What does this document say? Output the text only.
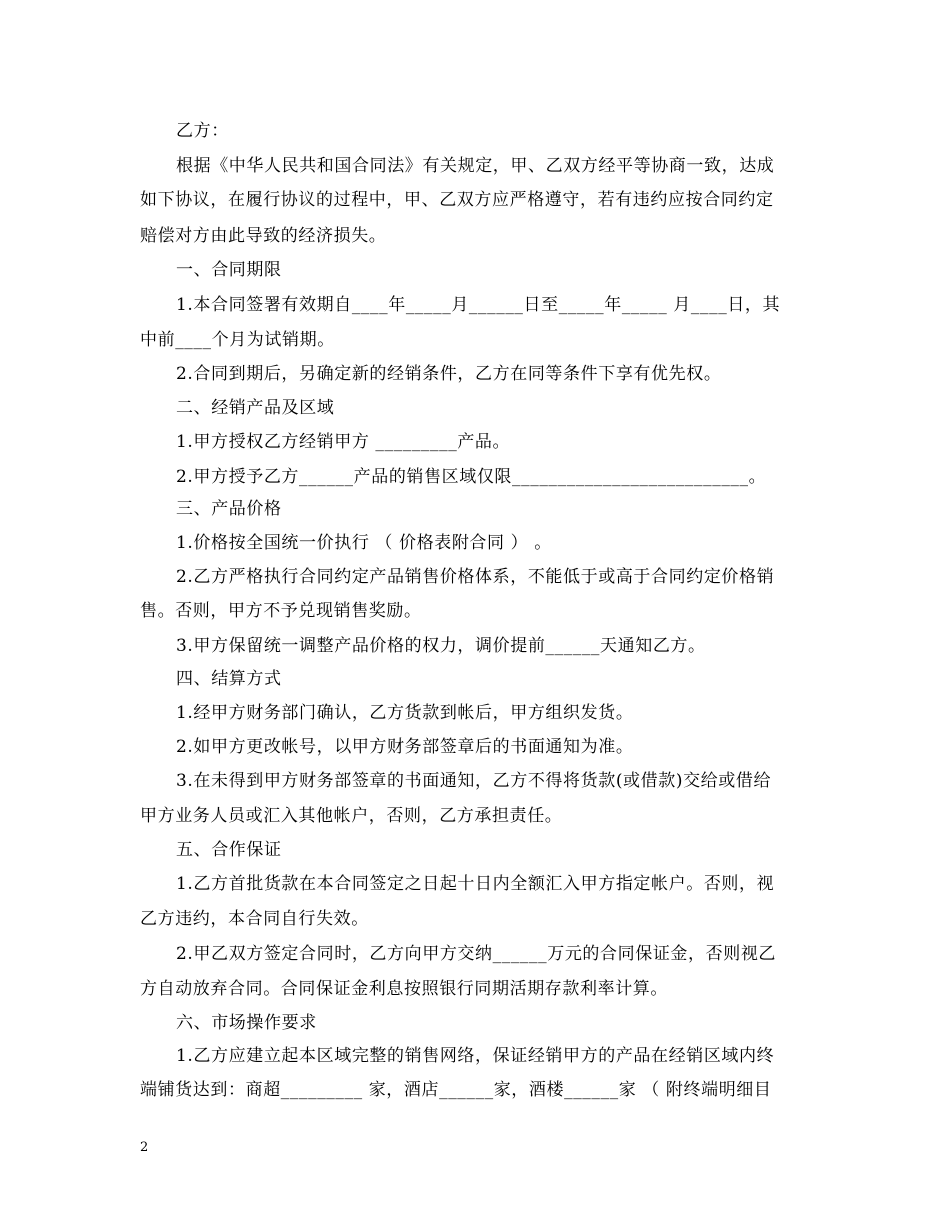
乙方：
根据《中华人民共和国合同法》有关规定，甲、乙双方经平等协商一致，达成
如下协议，在履行协议的过程中，甲、乙双方应严格遵守，若有违约应按合同约定
赔偿对方由此导致的经济损失。
一、合同期限
1.本合同签署有效期自____年_____月______日至_____年_____ 月____日，其
中前____个月为试销期。
2.合同到期后，另确定新的经销条件，乙方在同等条件下享有优先权。
二、经销产品及区域
1.甲方授权乙方经销甲方 _________产品。
2.甲方授予乙方______产品的销售区域仅限__________________________。
三、产品价格
1.价格按全国统一价执行 （ 价格表附合同 ） 。
2.乙方严格执行合同约定产品销售价格体系，不能低于或高于合同约定价格销
售。否则，甲方不予兑现销售奖励。
3.甲方保留统一调整产品价格的权力，调价提前______天通知乙方。
四、结算方式
1.经甲方财务部门确认，乙方货款到帐后，甲方组织发货。
2.如甲方更改帐号，以甲方财务部签章后的书面通知为准。
3.在未得到甲方财务部签章的书面通知，乙方不得将货款(或借款)交给或借给
甲方业务人员或汇入其他帐户，否则，乙方承担责任。
五、合作保证
1.乙方首批货款在本合同签定之日起十日内全额汇入甲方指定帐户。否则，视
乙方违约，本合同自行失效。
2.甲乙双方签定合同时，乙方向甲方交纳______万元的合同保证金，否则视乙
方自动放弃合同。合同保证金利息按照银行同期活期存款利率计算。
六、市场操作要求
1.乙方应建立起本区域完整的销售网络，保证经销甲方的产品在经销区域内终
端铺货达到：商超_________ 家，酒店______家，酒楼______家 （ 附终端明细目
2
